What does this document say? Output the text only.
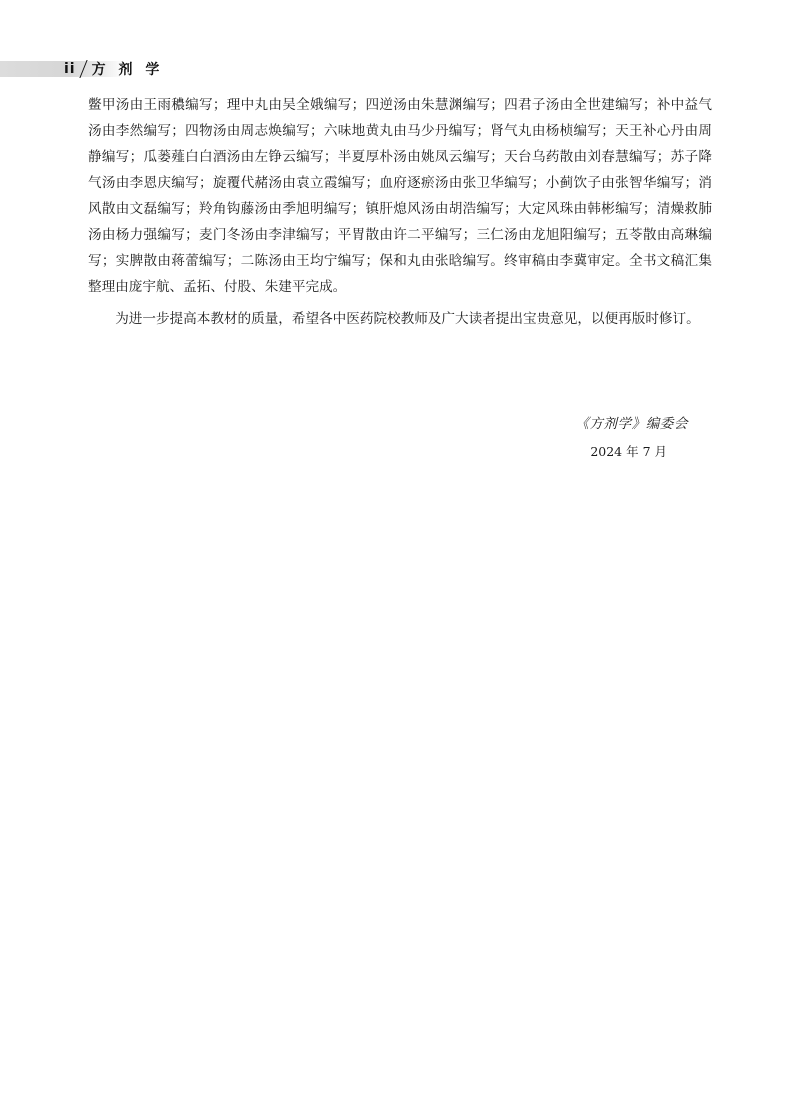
ii 方 剂 学

鳖甲汤由王雨穠编写；理中丸由吴全娥编写；四逆汤由朱慧渊编写；四君子汤由全世建编写；补中益气汤由李然编写；四物汤由周志焕编写；六味地黄丸由马少丹编写；肾气丸由杨桢编写；天王补心丹由周静编写；瓜蒌薤白白酒汤由左铮云编写；半夏厚朴汤由姚凤云编写；天台乌药散由刘春慧编写；苏子降气汤由李恩庆编写；旋覆代赭汤由袁立霞编写；血府逐瘀汤由张卫华编写；小蓟饮子由张智华编写；消风散由文磊编写；羚角钩藤汤由季旭明编写；镇肝熄风汤由胡浩编写；大定风珠由韩彬编写；清燥救肺汤由杨力强编写；麦门冬汤由李津编写；平胃散由许二平编写；三仁汤由龙旭阳编写；五苓散由高琳编写；实脾散由蒋蕾编写；二陈汤由王均宁编写；保和丸由张晗编写。终审稿由李冀审定。全书文稿汇集整理由庞宇航、孟拓、付股、朱建平完成。

为进一步提高本教材的质量，希望各中医药院校教师及广大读者提出宝贵意见，以便再版时修订。

《方剂学》编委会
2024 年 7 月
